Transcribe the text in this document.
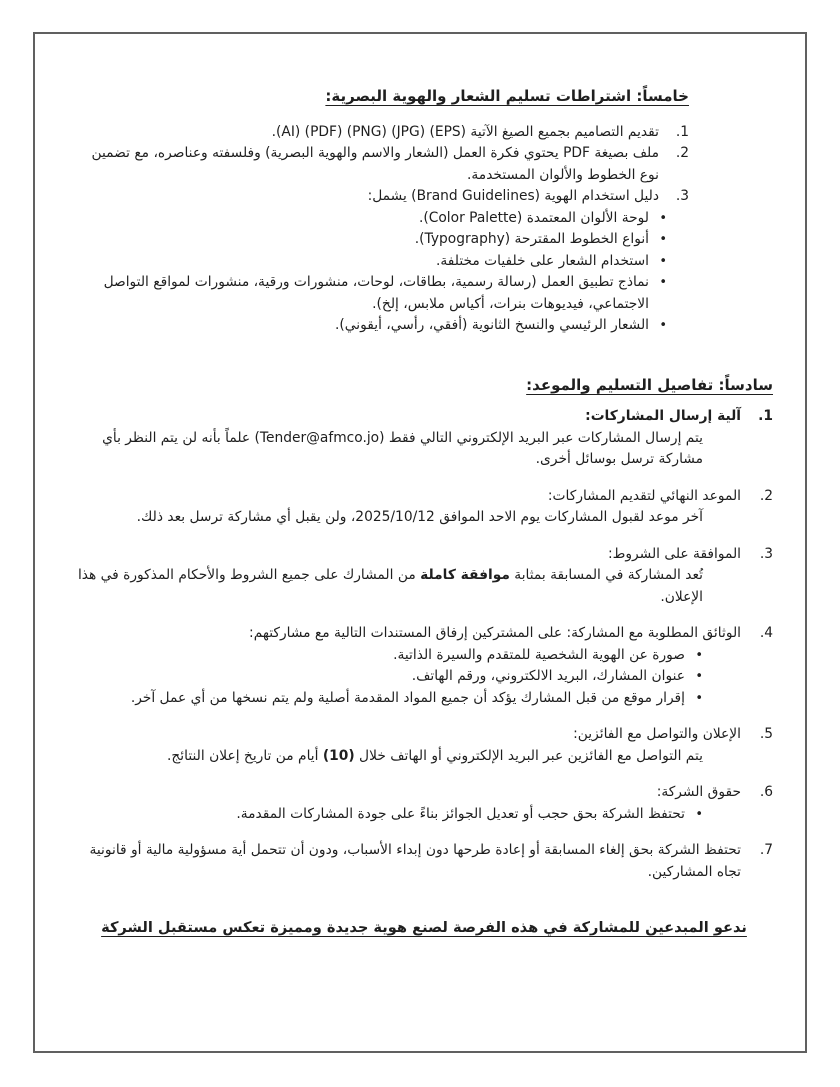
خامساً: اشتراطات تسليم الشعار والهوية البصرية:
1.
تقديم التصاميم بجميع الصيغ الآتية (EPS) (JPG) (PNG) (PDF) (AI).
2.
ملف بصيغة PDF يحتوي فكرة العمل (الشعار والاسم والهوية البصرية) وفلسفته وعناصره، مع تضمين نوع الخطوط والألوان المستخدمة.
3.
دليل استخدام الهوية (Brand Guidelines) يشمل:
•
لوحة الألوان المعتمدة (Color Palette).
•
أنواع الخطوط المقترحة (Typography).
•
استخدام الشعار على خلفيات مختلفة.
•
نماذج تطبيق العمل (رسالة رسمية، بطاقات، لوحات، منشورات ورقية، منشورات لمواقع التواصل الاجتماعي، فيديوهات بنرات، أكياس ملابس، إلخ).
•
الشعار الرئيسي والنسخ الثانوية (أفقي، رأسي، أيقوني).
سادساً: تفاصيل التسليم والموعد:
1.
آلية إرسال المشاركات:
يتم إرسال المشاركات عبر البريد الإلكتروني التالي فقط (Tender@afmco.jo) علماً بأنه لن يتم النظر بأي مشاركة ترسل بوسائل أخرى.
2.
الموعد النهائي لتقديم المشاركات:
آخر موعد لقبول المشاركات يوم الاحد الموافق 2025/10/12، ولن يقبل أي مشاركة ترسل بعد ذلك.
3.
الموافقة على الشروط:
تُعد المشاركة في المسابقة بمثابة موافقة كاملة من المشارك على جميع الشروط والأحكام المذكورة في هذا الإعلان.
4.
الوثائق المطلوبة مع المشاركة: على المشتركين إرفاق المستندات التالية مع مشاركتهم:
•
صورة عن الهوية الشخصية للمتقدم والسيرة الذاتية.
•
عنوان المشارك، البريد الالكتروني، ورقم الهاتف.
•
إقرار موقع من قبل المشارك يؤكد أن جميع المواد المقدمة أصلية ولم يتم نسخها من أي عمل آخر.
5.
الإعلان والتواصل مع الفائزين:
يتم التواصل مع الفائزين عبر البريد الإلكتروني أو الهاتف خلال (10) أيام من تاريخ إعلان النتائج.
6.
حقوق الشركة:
•
تحتفظ الشركة بحق حجب أو تعديل الجوائز بناءً على جودة المشاركات المقدمة.
7.
تحتفظ الشركة بحق إلغاء المسابقة أو إعادة طرحها دون إبداء الأسباب، ودون أن تتحمل أية مسؤولية مالية أو قانونية تجاه المشاركين.
ندعو المبدعين للمشاركة في هذه الفرصة لصنع هوية جديدة ومميزة تعكس مستقبل الشركة
